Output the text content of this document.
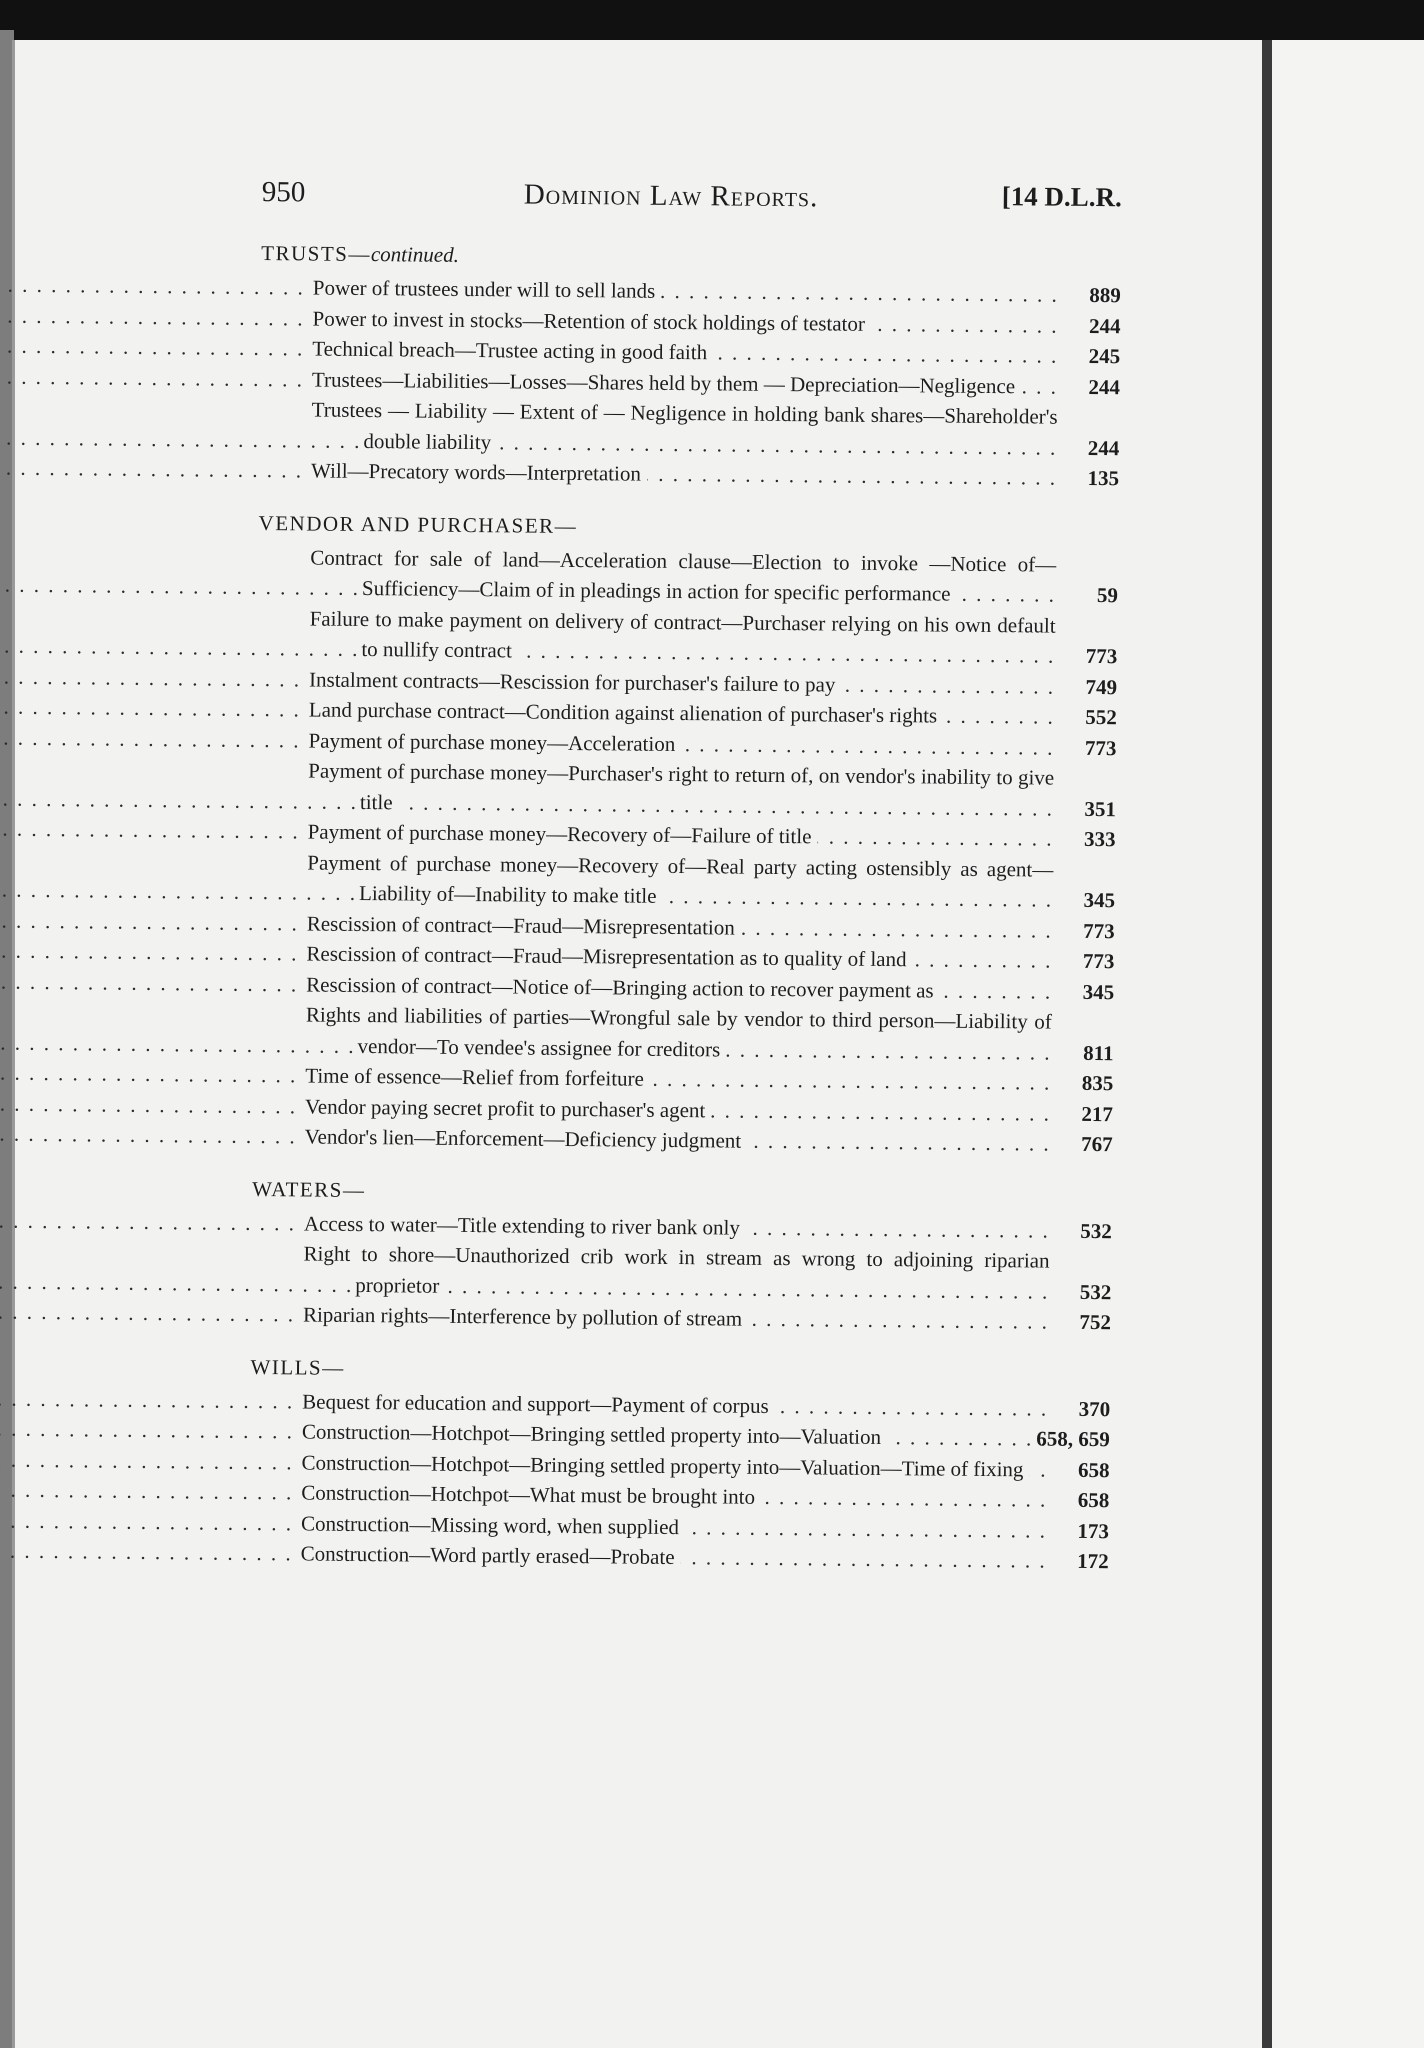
950	Dominion Law Reports.	[14 D.L.R.
TRUSTS—continued.
Power of trustees under will to sell lands . . .	889
Power to invest in stocks—Retention of stock holdings of testator . . .	244
Technical breach—Trustee acting in good faith . . .	245
Trustees—Liabilities—Losses—Shares held by them — Depreciation—Negligence . . .	244
Trustees — Liability — Extent of — Negligence in holding bank shares—Shareholder's double liability . . .	244
Will—Precatory words—Interpretation . . .	135
VENDOR AND PURCHASER—
Contract for sale of land—Acceleration clause—Election to invoke —Notice of—Sufficiency—Claim of in pleadings in action for specific performance . . .	59
Failure to make payment on delivery of contract—Purchaser relying on his own default to nullify contract . . .	773
Instalment contracts—Rescission for purchaser's failure to pay . . .	749
Land purchase contract—Condition against alienation of purchaser's rights . . .	552
Payment of purchase money—Acceleration . . .	773
Payment of purchase money—Purchaser's right to return of, on vendor's inability to give title . . .	351
Payment of purchase money—Recovery of—Failure of title . . .	333
Payment of purchase money—Recovery of—Real party acting ostensibly as agent—Liability of—Inability to make title . . .	345
Rescission of contract—Fraud—Misrepresentation . . .	773
Rescission of contract—Fraud—Misrepresentation as to quality of land . . .	773
Rescission of contract—Notice of—Bringing action to recover payment as . . .	345
Rights and liabilities of parties—Wrongful sale by vendor to third person—Liability of vendor—To vendee's assignee for creditors . . .	811
Time of essence—Relief from forfeiture . . .	835
Vendor paying secret profit to purchaser's agent . . .	217
Vendor's lien—Enforcement—Deficiency judgment . . .	767
WATERS—
Access to water—Title extending to river bank only . . .	532
Right to shore—Unauthorized crib work in stream as wrong to adjoining riparian proprietor . . .	532
Riparian rights—Interference by pollution of stream . . .	752
WILLS—
Bequest for education and support—Payment of corpus . . .	370
Construction—Hotchpot—Bringing settled property into—Valuation . . .	658, 659
Construction—Hotchpot—Bringing settled property into—Valuation—Time of fixing . . .	658
Construction—Hotchpot—What must be brought into . . .	658
Construction—Missing word, when supplied . . .	173
Construction—Word partly erased—Probate . . .	172
